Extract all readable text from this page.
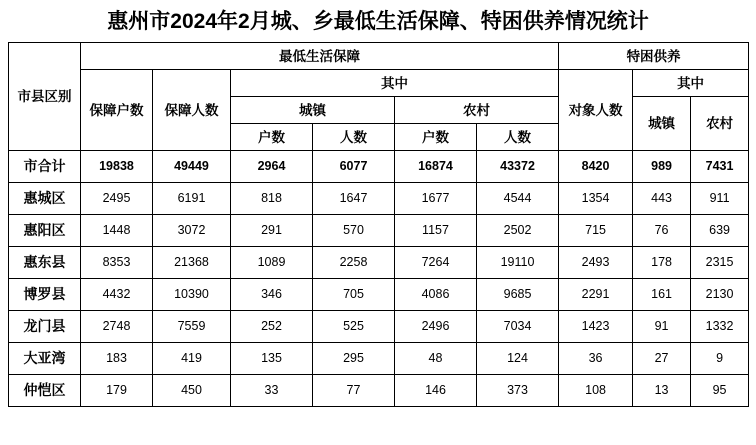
惠州市2024年2月城、乡最低生活保障、特困供养情况统计
市县区别	最低生活保障						特困供养		
	保障户数	保障人数	其中				对象人数	其中	
			城镇		农村			城镇	农村
			户数	人数	户数	人数			
市合计	19838	49449	2964	6077	16874	43372	8420	989	7431
惠城区	2495	6191	818	1647	1677	4544	1354	443	911
惠阳区	1448	3072	291	570	1157	2502	715	76	639
惠东县	8353	21368	1089	2258	7264	19110	2493	178	2315
博罗县	4432	10390	346	705	4086	9685	2291	161	2130
龙门县	2748	7559	252	525	2496	7034	1423	91	1332
大亚湾	183	419	135	295	48	124	36	27	9
仲恺区	179	450	33	77	146	373	108	13	95
